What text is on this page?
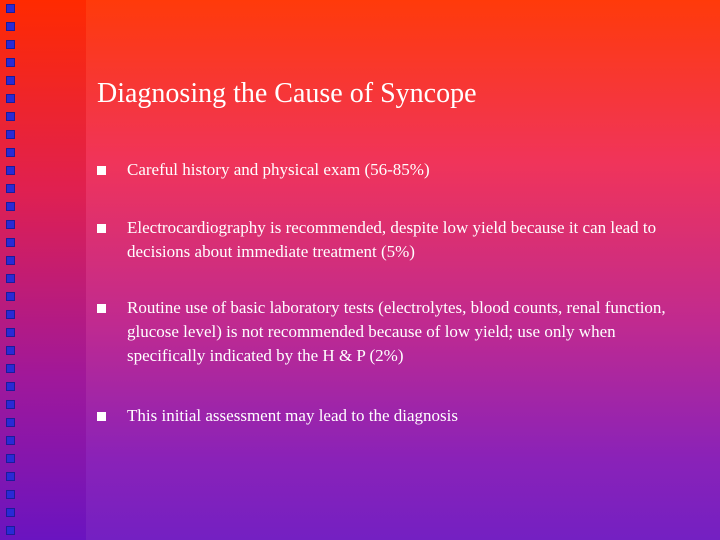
Diagnosing the Cause of Syncope
Careful history and physical exam (56-85%)
Electrocardiography is recommended, despite low yield because it can lead to decisions about immediate treatment (5%)
Routine use of basic laboratory tests (electrolytes, blood counts, renal function, glucose level) is not recommended because of low yield; use only when specifically indicated by the H & P (2%)
This initial assessment may lead to the diagnosis
